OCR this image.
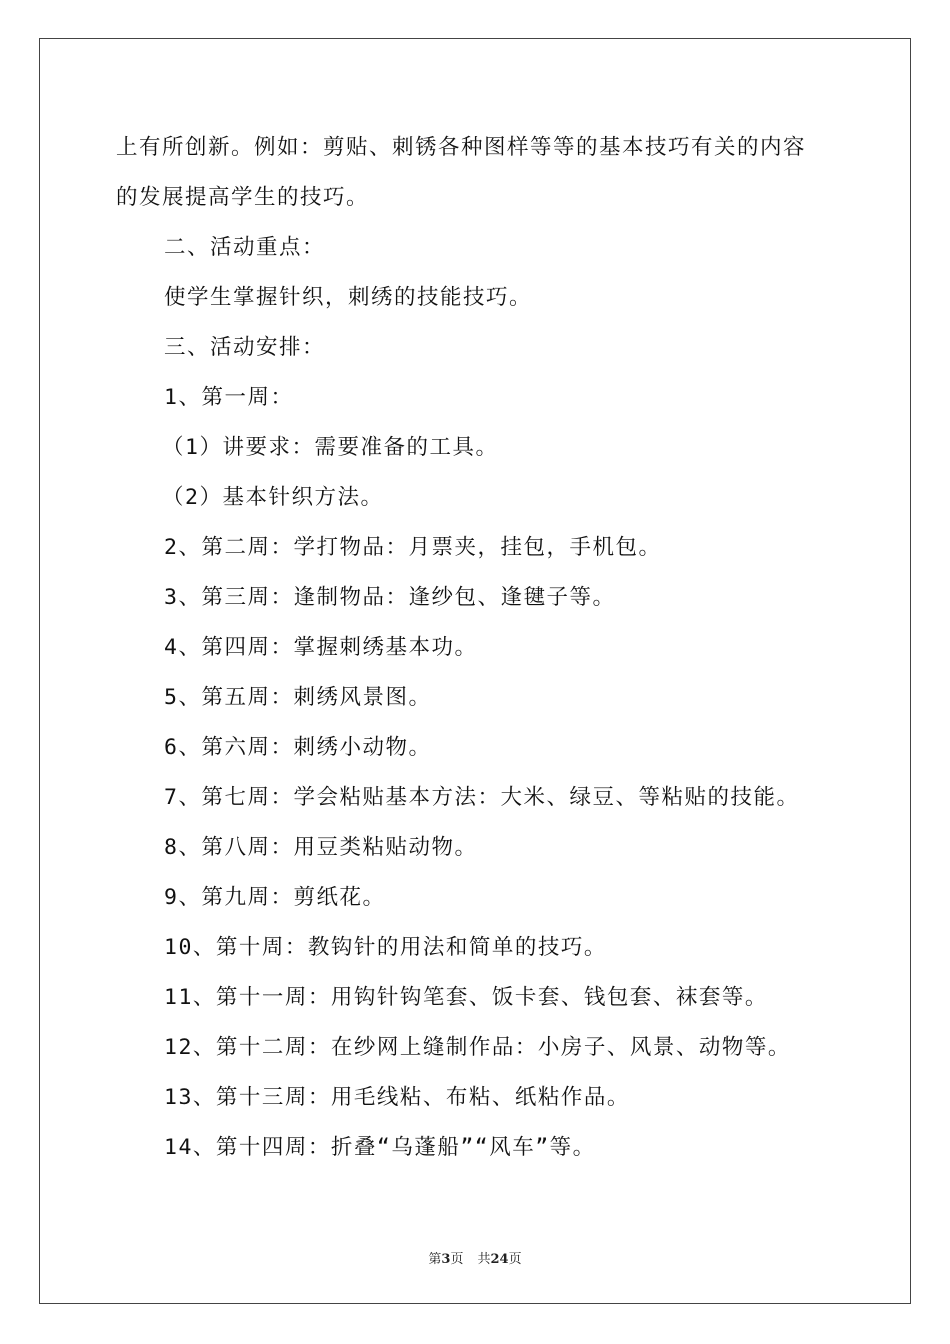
上有所创新。例如：剪贴、刺锈各种图样等等的基本技巧有关的内容
的发展提高学生的技巧。
二、活动重点：
使学生掌握针织，刺绣的技能技巧。
三、活动安排：
1、第一周：
（1）讲要求：需要准备的工具。
（2）基本针织方法。
2、第二周：学打物品：月票夹，挂包，手机包。
3、第三周：逢制物品：逢纱包、逢毽子等。
4、第四周：掌握刺绣基本功。
5、第五周：刺绣风景图。
6、第六周：刺绣小动物。
7、第七周：学会粘贴基本方法：大米、绿豆、等粘贴的技能。
8、第八周：用豆类粘贴动物。
9、第九周：剪纸花。
10、第十周：教钩针的用法和简单的技巧。
11、第十一周：用钩针钩笔套、饭卡套、钱包套、袜套等。
12、第十二周：在纱网上缝制作品：小房子、风景、动物等。
13、第十三周：用毛线粘、布粘、纸粘作品。
14、第十四周：折叠“乌蓬船”“风车”等。
第3页 共24页
